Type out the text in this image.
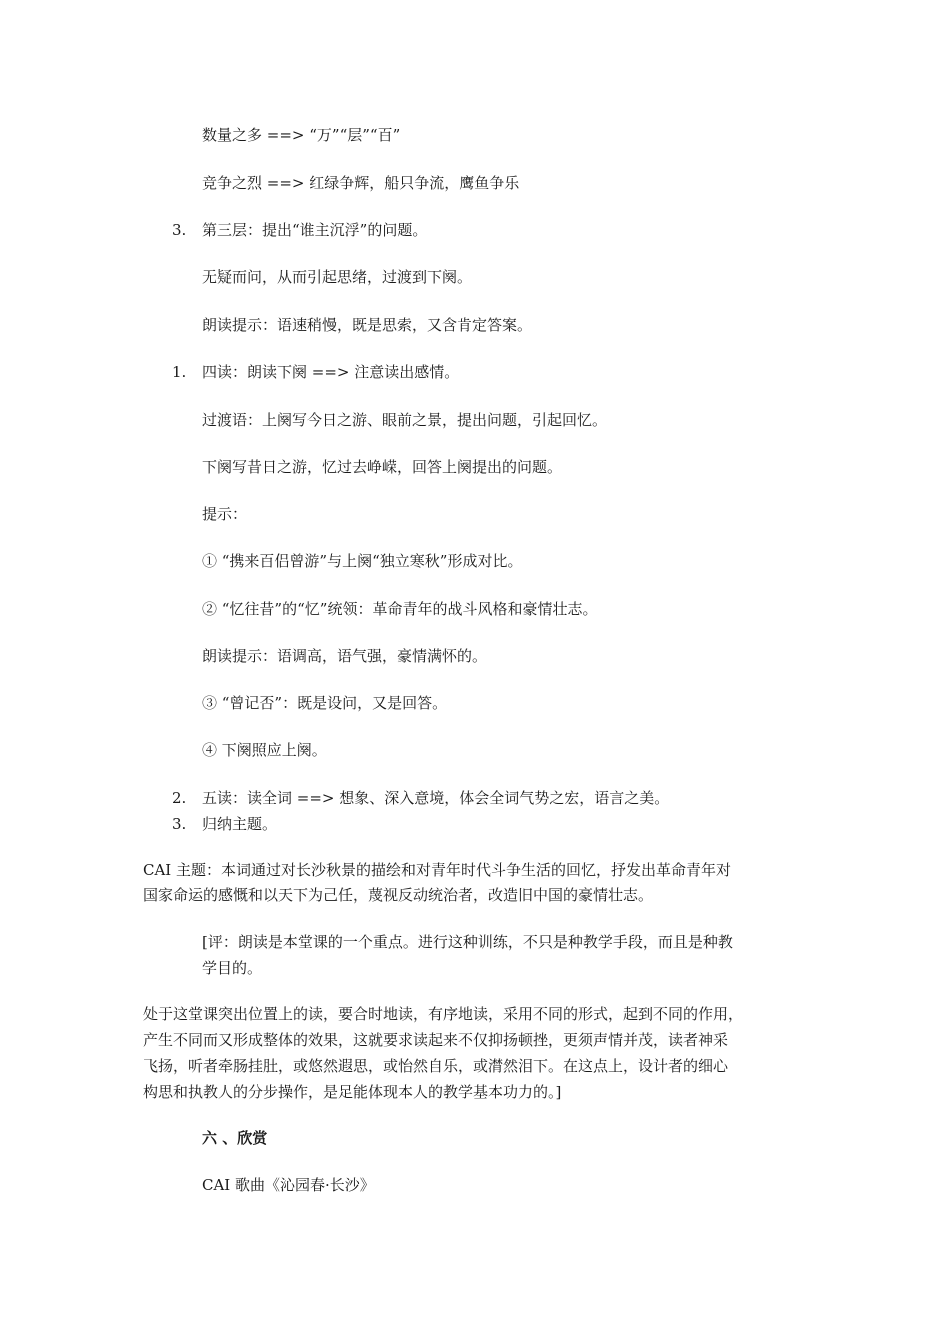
数量之多 ==> “万”“层”“百”
竞争之烈 ==> 红绿争辉，船只争流，鹰鱼争乐
3. 第三层：提出“谁主沉浮”的问题。
无疑而问，从而引起思绪，过渡到下阕。
朗读提示：语速稍慢，既是思索，又含肯定答案。
1. 四读：朗读下阕 ==> 注意读出感情。
过渡语：上阕写今日之游、眼前之景，提出问题，引起回忆。
下阕写昔日之游，忆过去峥嵘，回答上阕提出的问题。
提示：
① “携来百侣曾游”与上阕“独立寒秋”形成对比。
② “忆往昔”的“忆”统领：革命青年的战斗风格和豪情壮志。
朗读提示：语调高，语气强，豪情满怀的。
③ “曾记否”：既是设问，又是回答。
④ 下阕照应上阕。
2. 五读：读全词 ==> 想象、深入意境，体会全词气势之宏，语言之美。
3. 归纳主题。
CAI 主题：本词通过对长沙秋景的描绘和对青年时代斗争生活的回忆，抒发出革命青年对
国家命运的感慨和以天下为己任，蔑视反动统治者，改造旧中国的豪情壮志。
[评：朗读是本堂课的一个重点。进行这种训练，不只是种教学手段，而且是种教
学目的。
处于这堂课突出位置上的读，要合时地读，有序地读，采用不同的形式，起到不同的作用，
产生不同而又形成整体的效果，这就要求读起来不仅抑扬顿挫，更须声情并茂，读者神采
飞扬，听者牵肠挂肚，或悠然遐思，或怡然自乐，或潸然泪下。在这点上，设计者的细心
构思和执教人的分步操作，是足能体现本人的教学基本功力的。]
六 、欣赏
CAI 歌曲《沁园春·长沙》
